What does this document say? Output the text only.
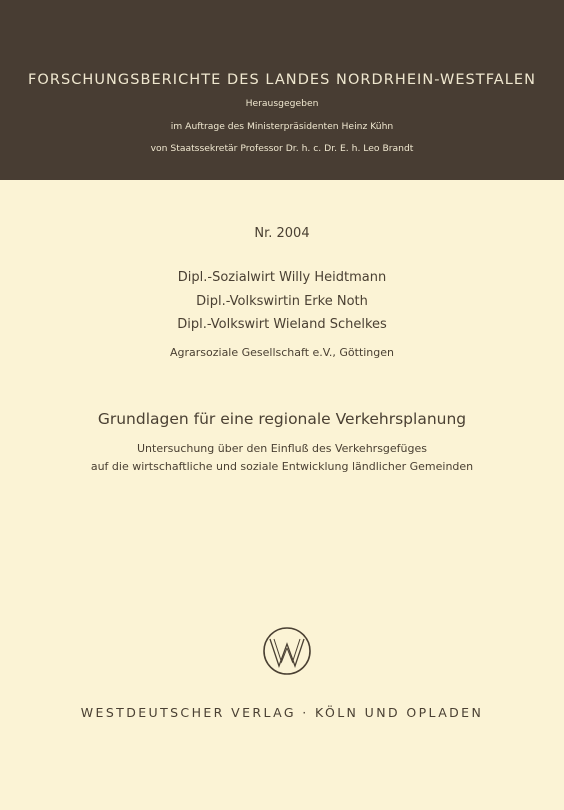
FORSCHUNGSBERICHTE DES LANDES NORDRHEIN-WESTFALEN
Herausgegeben
im Auftrage des Ministerpräsidenten Heinz Kühn
von Staatssekretär Professor Dr. h. c. Dr. E. h. Leo Brandt
Nr. 2004
Dipl.-Sozialwirt Willy Heidtmann
Dipl.-Volkswirtin Erke Noth
Dipl.-Volkswirt Wieland Schelkes
Agrarsoziale Gesellschaft e.V., Göttingen
Grundlagen für eine regionale Verkehrsplanung
Untersuchung über den Einfluß des Verkehrsgefüges
auf die wirtschaftliche und soziale Entwicklung ländlicher Gemeinden
WESTDEUTSCHER VERLAG · KÖLN UND OPLADEN
